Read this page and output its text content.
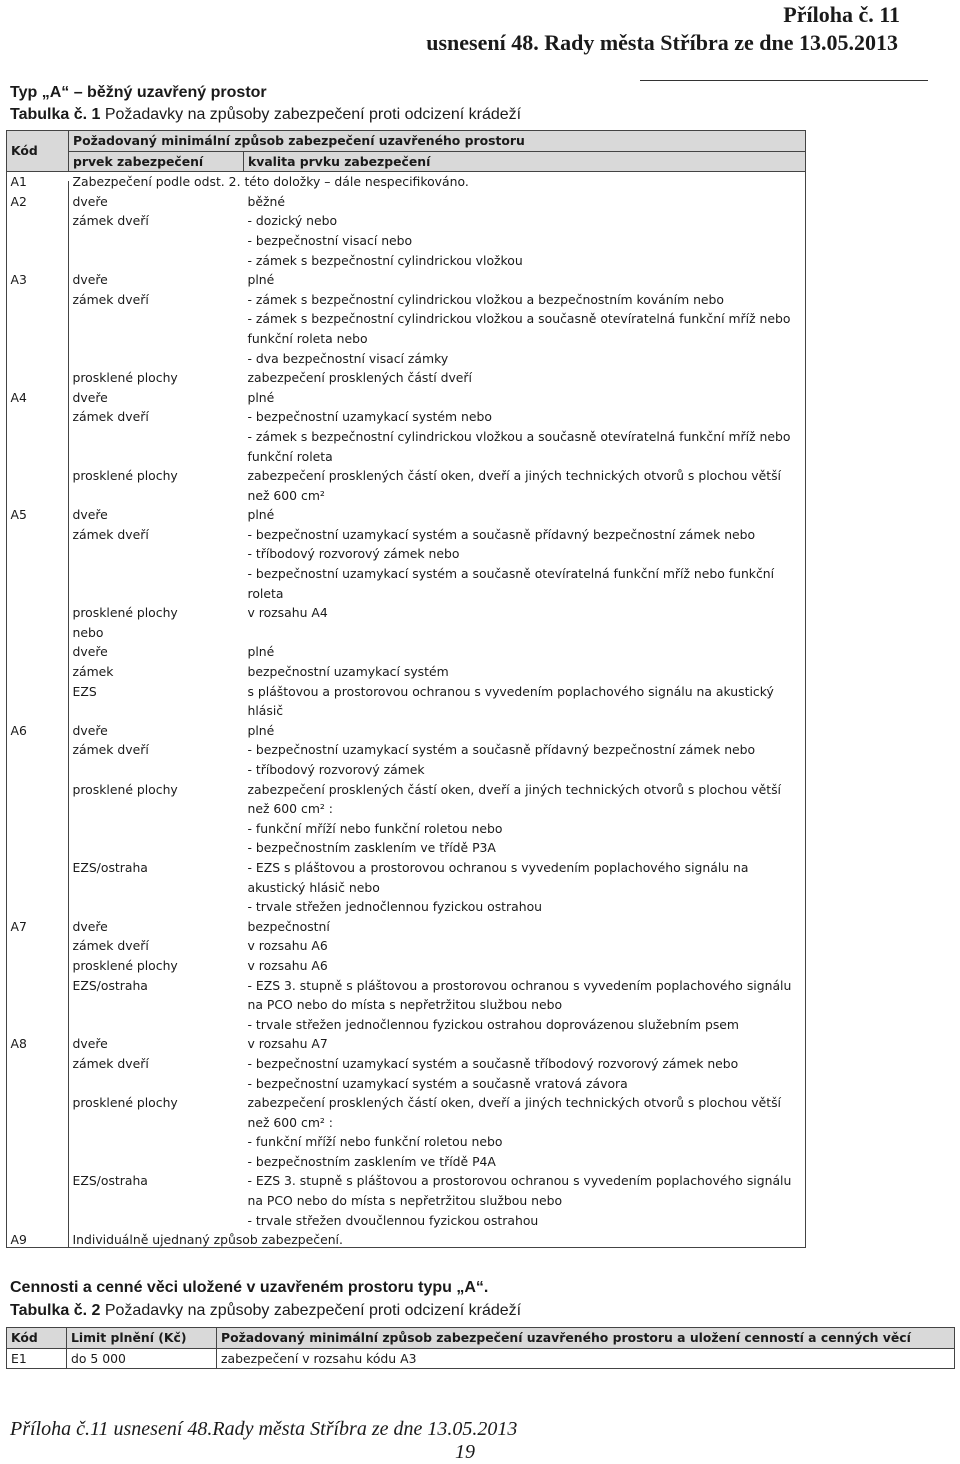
Příloha č. 11
usnesení 48. Rady města Stříbra ze dne 13.05.2013
Typ „A“ – běžný uzavřený prostor
Tabulka č. 1 Požadavky na způsoby zabezpečení proti odcizení krádeží
Kód	Požadovaný minimální způsob zabezpečení uzavřeného prostoru	
	prvek zabezpečení	kvalita prvku zabezpečení
A1	Zabezpečení podle odst. 2. této doložky – dále nespecifikováno.	
A2	dveře	běžné
	zámek dveří	- dozický nebo
- bezpečnostní visací nebo
- zámek s bezpečnostní cylindrickou vložkou
A3	dveře	plné
	zámek dveří	- zámek s bezpečnostní cylindrickou vložkou a bezpečnostním kováním nebo
- zámek s bezpečnostní cylindrickou vložkou a současně otevíratelná funkční mříž nebo funkční roleta nebo
- dva bezpečnostní visací zámky
	prosklené plochy	zabezpečení prosklených částí dveří
A4	dveře	plné
	zámek dveří	- bezpečnostní uzamykací systém nebo
- zámek s bezpečnostní cylindrickou vložkou a současně otevíratelná funkční mříž nebo funkční roleta
	prosklené plochy	zabezpečení prosklených částí oken, dveří a jiných technických otvorů s plochou větší než 600 cm²
A5	dveře	plné
	zámek dveří	- bezpečnostní uzamykací systém a současně přídavný bezpečnostní zámek nebo
- tříbodový rozvorový zámek nebo
- bezpečnostní uzamykací systém a současně otevíratelná funkční mříž nebo funkční roleta
	prosklené plochy	v rozsahu A4
	nebo	
	dveře	plné
	zámek	bezpečnostní uzamykací systém
	EZS	s pláštovou a prostorovou ochranou s vyvedením poplachového signálu na akustický hlásič
A6	dveře	plné
	zámek dveří	- bezpečnostní uzamykací systém a současně přídavný bezpečnostní zámek nebo
- tříbodový rozvorový zámek
	prosklené plochy	zabezpečení prosklených částí oken, dveří a jiných technických otvorů s plochou větší než 600 cm² :
- funkční mříží nebo funkční roletou nebo
- bezpečnostním zasklením ve třídě P3A
	EZS/ostraha	- EZS s pláštovou a prostorovou ochranou s vyvedením poplachového signálu na akustický hlásič nebo
- trvale střežen jednočlennou fyzickou ostrahou
A7	dveře	bezpečnostní
	zámek dveří	v rozsahu A6
	prosklené plochy	v rozsahu A6
	EZS/ostraha	- EZS 3. stupně s pláštovou a prostorovou ochranou s vyvedením poplachového signálu na PCO nebo do místa s nepřetržitou službou nebo
- trvale střežen jednočlennou fyzickou ostrahou doprovázenou služebním psem
A8	dveře	v rozsahu A7
	zámek dveří	- bezpečnostní uzamykací systém a současně tříbodový rozvorový zámek nebo
- bezpečnostní uzamykací systém a současně vratová závora
	prosklené plochy	zabezpečení prosklených částí oken, dveří a jiných technických otvorů s plochou větší než 600 cm² :
- funkční mříží nebo funkční roletou nebo
- bezpečnostním zasklením ve třídě P4A
	EZS/ostraha	- EZS 3. stupně s pláštovou a prostorovou ochranou s vyvedením poplachového signálu na PCO nebo do místa s nepřetržitou službou nebo
- trvale střežen dvoučlennou fyzickou ostrahou
A9	Individuálně ujednaný způsob zabezpečení.	
Cennosti a cenné věci uložené v uzavřeném prostoru typu „A“.
Tabulka č. 2 Požadavky na způsoby zabezpečení proti odcizení krádeží
Kód	Limit plnění (Kč)	Požadovaný minimální způsob zabezpečení uzavřeného prostoru a uložení cenností a cenných věcí
E1	do 5 000	zabezpečení v rozsahu kódu A3
Příloha č.11 usnesení 48.Rady města Stříbra ze dne 13.05.2013
19
